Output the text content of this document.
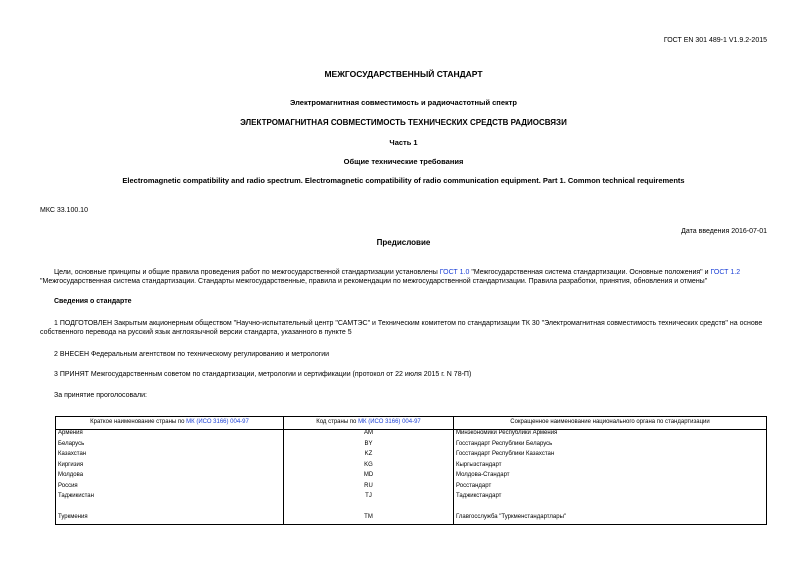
ГОСТ EN 301 489-1 V1.9.2-2015
МЕЖГОСУДАРСТВЕННЫЙ СТАНДАРТ
Электромагнитная совместимость и радиочастотный спектр
ЭЛЕКТРОМАГНИТНАЯ СОВМЕСТИМОСТЬ ТЕХНИЧЕСКИХ СРЕДСТВ РАДИОСВЯЗИ
Часть 1
Общие технические требования
Electromagnetic compatibility and radio spectrum. Electromagnetic compatibility of radio communication equipment. Part 1. Common technical requirements
МКС 33.100.10
Дата введения 2016-07-01
Предисловие
Цели, основные принципы и общие правила проведения работ по межгосударственной стандартизации установлены ГОСТ 1.0 "Межгосударственная система стандартизации. Основные положения" и ГОСТ 1.2 "Межгосударственная система стандартизации. Стандарты межгосударственные, правила и рекомендации по межгосударственной стандартизации. Правила разработки, принятия, обновления и отмены"
Сведения о стандарте
1 ПОДГОТОВЛЕН Закрытым акционерным обществом "Научно-испытательный центр "САМТЭС" и Техническим комитетом по стандартизации ТК 30 "Электромагнитная совместимость технических средств" на основе собственного перевода на русский язык англоязычной версии стандарта, указанного в пункте 5
2 ВНЕСЕН Федеральным агентством по техническому регулированию и метрологии
3 ПРИНЯТ Межгосударственным советом по стандартизации, метрологии и сертификации (протокол от 22 июля 2015 г. N 78-П)
За принятие проголосовали:
Краткое наименование страны по МК (ИСО 3166) 004-97	Код страны по МК (ИСО 3166) 004-97	Сокращенное наименование национального органа по стандартизации
Армения	AM	Минэкономики Республики Армения
Беларусь	BY	Госстандарт Республики Беларусь
Казахстан	KZ	Госстандарт Республики Казахстан
Киргизия	KG	Кыргызстандарт
Молдова	MD	Молдова-Стандарт
Россия	RU	Росстандарт
Таджикистан	TJ	Таджикстандарт

Туркмения	TM	Главгосслужба "Туркменстандартлары"
